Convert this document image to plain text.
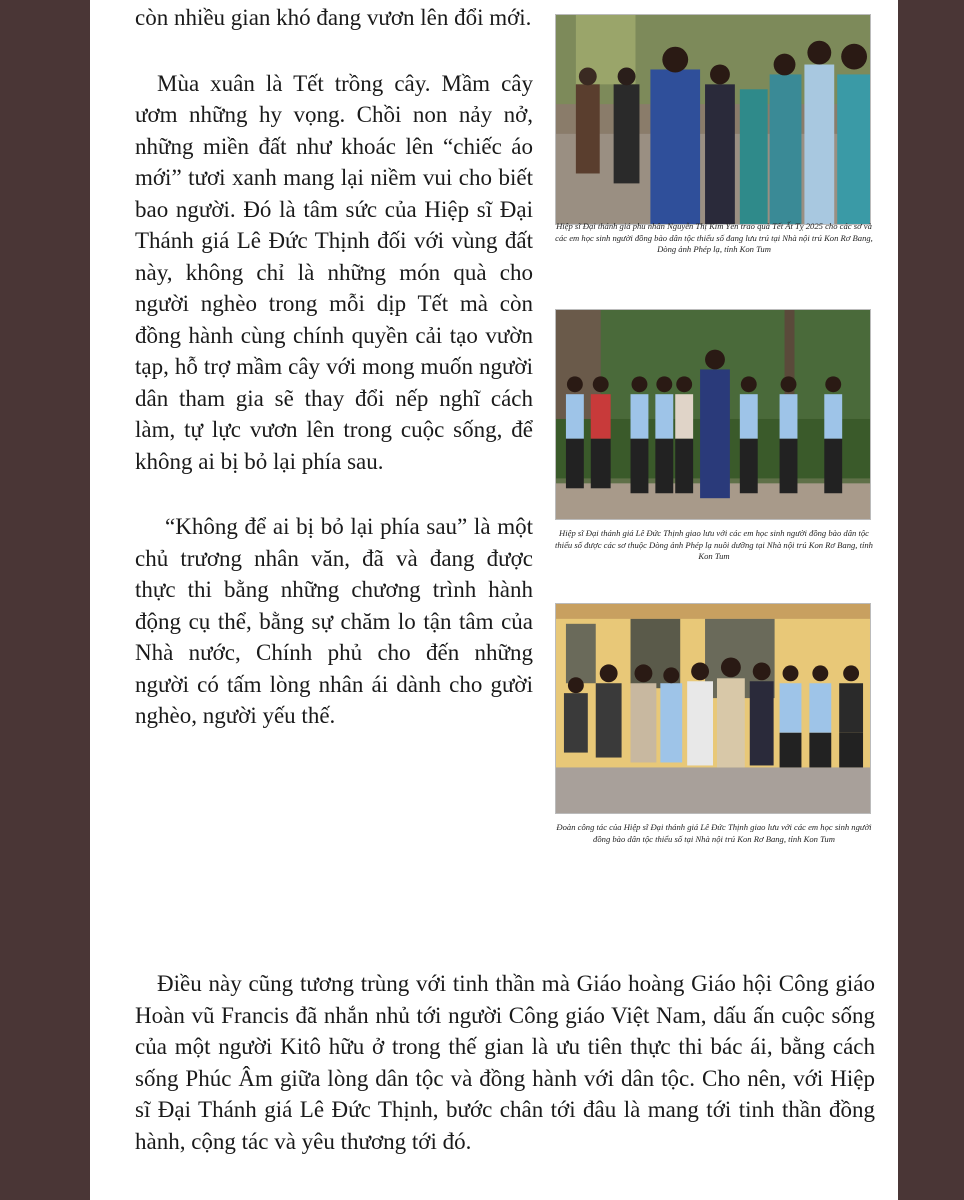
còn nhiều gian khó đang vươn lên đổi mới.

Mùa xuân là Tết trồng cây. Mầm cây ươm những hy vọng. Chồi non nảy nở, những miền đất như khoác lên “chiếc áo mới” tươi xanh mang lại niềm vui cho biết bao người. Đó là tâm sức của Hiệp sĩ Đại Thánh giá Lê Đức Thịnh đối với vùng đất này, không chỉ là những món quà cho người nghèo trong mỗi dịp Tết mà còn đồng hành cùng chính quyền cải tạo vườn tạp, hỗ trợ mầm cây với mong muốn người dân tham gia sẽ thay đổi nếp nghĩ cách làm, tự lực vươn lên trong cuộc sống, để không ai bị bỏ lại phía sau.

“Không để ai bị bỏ lại phía sau” là một chủ trương nhân văn, đã và đang được thực thi bằng những chương trình hành động cụ thể, bằng sự chăm lo tận tâm của Nhà nước, Chính phủ cho đến những người có tấm lòng nhân ái dành cho gười nghèo, người yếu thế.

Hiệp sĩ Đại thánh giá phu nhân Nguyễn Thị Kim Yến trao quà Tết Ất Tỵ 2025 cho các sơ và các em học sinh người đồng bào dân tộc thiểu số đang lưu trú tại Nhà nội trú Kon Rơ Bang, Dòng ảnh Phép lạ, tỉnh Kon Tum
Hiệp sĩ Đại thánh giá Lê Đức Thịnh giao lưu với các em học sinh người đồng bào dân tộc thiểu số được các sơ thuộc Dòng ảnh Phép lạ nuôi dưỡng tại Nhà nội trú Kon Rơ Bang, tỉnh Kon Tum
Đoàn công tác của Hiệp sĩ Đại thánh giá Lê Đức Thịnh giao lưu với các em học sinh người đồng bào dân tộc thiểu số tại Nhà nội trú Kon Rơ Bang, tỉnh Kon Tum

Điều này cũng tương trùng với tinh thần mà Giáo hoàng Giáo hội Công giáo Hoàn vũ Francis đã nhắn nhủ tới người Công giáo Việt Nam, dấu ấn cuộc sống của một người Kitô hữu ở trong thế gian là ưu tiên thực thi bác ái, bằng cách sống Phúc Âm giữa lòng dân tộc và đồng hành với dân tộc. Cho nên, với Hiệp sĩ Đại Thánh giá Lê Đức Thịnh, bước chân tới đâu là mang tới tinh thần đồng hành, cộng tác và yêu thương tới đó.
